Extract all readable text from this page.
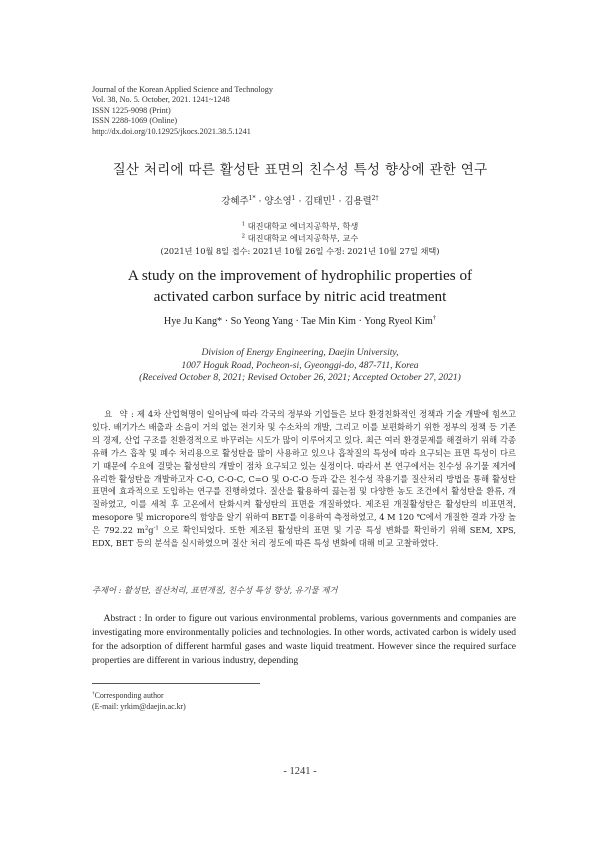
Journal of the Korean Applied Science and Technology
Vol. 38, No. 5. October, 2021. 1241~1248
ISSN 1225-9098 (Print)
ISSN 2288-1069 (Online)
http://dx.doi.org/10.12925/jkocs.2021.38.5.1241
질산 처리에 따른 활성탄 표면의 친수성 특성 향상에 관한 연구
강혜주$^{1*}$ · 양소영$^1$ · 김태민$^1$ · 김용렬$^{2\dagger}$
$^1$ 대진대학교 에너지공학부, 학생
$^2$ 대진대학교 에너지공학부, 교수
(2021년 10월 8일 접수: 2021년 10월 26일 수정: 2021년 10월 27일 채택)
A study on the improvement of hydrophilic properties of
activated carbon surface by nitric acid treatment
Hye Ju Kang* · So Yeong Yang · Tae Min Kim · Yong Ryeol Kim†
Division of Energy Engineering, Daejin University,
1007 Hoguk Road, Pocheon-si, Gyeonggi-do, 487-711, Korea
(Received October 8, 2021; Revised October 26, 2021; Accepted October 27, 2021)
요  약 : 제 4차 산업혁명이 일어남에 따라 각국의 정부와 기업들은 보다 환경친화적인 정책과 기술 개발에 힘쓰고 있다. 배기가스 배출과 소음이 거의 없는 전기차 및 수소차의 개발, 그리고 이를 보편화하기 위한 정부의 정책 등 기존의 경제, 산업 구조를 친환경적으로 바꾸려는 시도가 많이 이루어지고 있다. 최근 여러 환경문제를 해결하기 위해 각종 유해 가스 흡착 및 폐수 처리용으로 활성탄을 많이 사용하고 있으나 흡착질의 특성에 따라 요구되는 표면 특성이 다르기 때문에 수요에 걸맞는 활성탄의 개발이 점차 요구되고 있는 실정이다. 따라서 본 연구에서는 친수성 유기물 제거에 유리한 활성탄을 개발하고자 C-O, C-O-C, C=O 및 O-C-O 등과 같은 친수성 작용기를 질산처리 방법을 통해 활성탄 표면에 효과적으로 도입하는 연구를 진행하였다. 질산을 활용하여 끓는점 및 다양한 농도 조건에서 활성탄을 환류, 개질하였고, 이를 세척 후 고온에서 탄화시켜 활성탄의 표면을 개질하였다. 제조된 개질활성탄은 활성탄의 비표면적, mesopore 및 micropore의 함양을 알기 위하여 BET를 이용하여 측정하였고, 4 M 120 ℃에서 개질한 결과 가장 높은 792.22 $m^2g^{-1}$ 으로 확인되었다. 또한 제조된 활성탄의 표면 및 기공 특성 변화를 확인하기 위해 SEM, XPS, EDX, BET 등의 분석을 실시하였으며 질산 처리 정도에 따른 특성 변화에 대해 비교 고찰하였다.
주제어 : 활성탄, 질산처리, 표면개질, 친수성 특성 향상, 유기물 제거
Abstract : In order to figure out various environmental problems, various governments and companies are investigating more environmentally policies and technologies. In other words, activated carbon is widely used for the adsorption of different harmful gases and waste liquid treatment. However since the required surface properties are different in various industry, depending
†Corresponding author
(E-mail: yrkim@daejin.ac.kr)
- 1241 -
